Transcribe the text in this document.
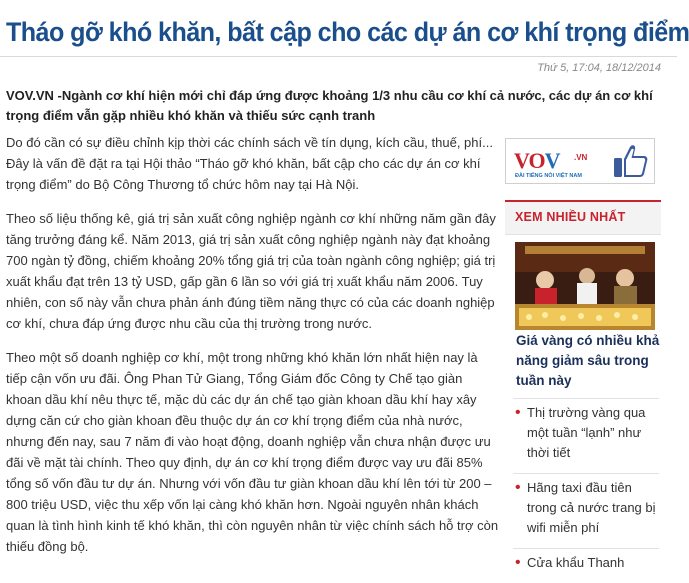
Tháo gỡ khó khăn, bất cập cho các dự án cơ khí trọng điểm
Thứ 5, 17:04, 18/12/2014

VOV.VN -Ngành cơ khí hiện mới chỉ đáp ứng được khoảng 1/3 nhu cầu cơ khí cả nước, các dự án cơ khí trọng điểm vẫn gặp nhiều khó khăn và thiếu sức cạnh tranh

Do đó cần có sự điều chỉnh kịp thời các chính sách về tín dụng, kích cầu, thuế, phí... Đây là vấn đề đặt ra tại Hội thảo “Tháo gỡ khó khăn, bất cập cho các dự án cơ khí trọng điểm” do Bộ Công Thương tổ chức hôm nay tại Hà Nội.

Theo số liệu thống kê, giá trị sản xuất công nghiệp ngành cơ khí những năm gần đây tăng trưởng đáng kể. Năm 2013, giá trị sản xuất công nghiệp ngành này đạt khoảng 700 ngàn tỷ đồng, chiếm khoảng 20% tổng giá trị của toàn ngành công nghiệp; giá trị xuất khẩu đạt trên 13 tỷ USD, gấp gần 6 lần so với giá trị xuất khẩu năm 2006. Tuy nhiên, con số này vẫn chưa phản ánh đúng tiềm năng thực có của các doanh nghiệp cơ khí, chưa đáp ứng được nhu cầu của thị trường trong nước.

Theo một số doanh nghiệp cơ khí, một trong những khó khăn lớn nhất hiện nay là tiếp cận vốn ưu đãi. Ông Phan Tử Giang, Tổng Giám đốc Công ty Chế tạo giàn khoan dầu khí nêu thực tế, mặc dù các dự án chế tạo giàn khoan dầu khí hay xây dựng căn cứ cho giàn khoan đều thuộc dự án cơ khí trọng điểm của nhà nước, nhưng đến nay, sau 7 năm đi vào hoạt động, doanh nghiệp vẫn chưa nhận được ưu đãi về mặt tài chính. Theo quy định, dự án cơ khí trọng điểm được vay ưu đãi 85% tổng số vốn đầu tư dự án. Nhưng với vốn đầu tư giàn khoan dầu khí lên tới từ 200 – 800 triệu USD, việc thu xếp vốn lại càng khó khăn hơn. Ngoài nguyên nhân khách quan là tình hình kinh tế khó khăn, thì còn nguyên nhân từ việc chính sách hỗ trợ còn thiếu đồng bộ.

VOV .VN
ĐÀI TIẾNG NÓI VIỆT NAM
XEM NHIỀU NHẤT
Giá vàng có nhiều khả năng giảm sâu trong tuần này
• Thị trường vàng qua một tuần “lạnh” như thời tiết
• Hãng taxi đầu tiên trong cả nước trang bị wifi miễn phí
• Cửa khẩu Thanh
